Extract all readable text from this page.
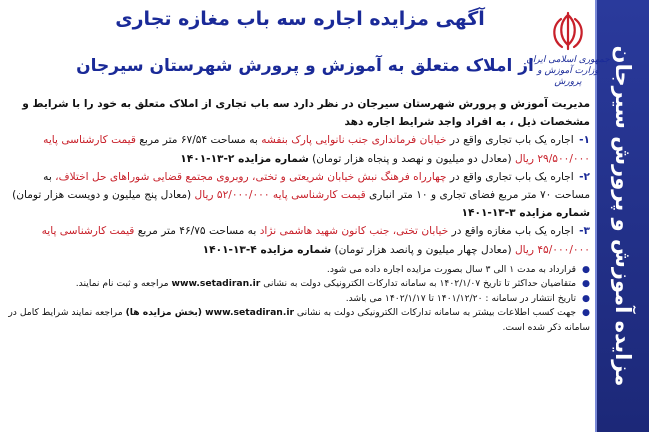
مزایده آموزش و پرورش سیرجان
آگهی مزایده اجاره سه باب مغازه تجاری
از املاک متعلق به آموزش و پرورش شهرستان سیرجان
جمهوری اسلامی ایران
وزارت آموزش و پرورش

مدیریت آموزش و پرورش شهرستان سیرجان در نظر دارد سه باب تجاری از املاک متعلق به خود را با شرایط و مشخصات ذیل ، به افراد واجد شرایط اجاره دهد

۱- اجاره یک باب تجاری واقع در خیابان فرمانداری جنب نانوایی پارک بنفشه به مساحت ۶۷/۵۴ متر مربع قیمت کارشناسی پایه ۲۹/۵۰۰/۰۰۰ ریال (معادل دو میلیون و نهصد و پنجاه هزار تومان) شماره مزایده ۲-۱۳-۱۴۰۱

۲- اجاره یک باب تجاری واقع در چهارراه فرهنگ نبش خیابان شریعتی و تختی، روبروی مجتمع قضایی شوراهای حل اختلاف، به مساحت ۷۰ متر مربع فضای تجاری و ۱۰ متر انباری قیمت کارشناسی پایه ۵۲/۰۰۰/۰۰۰ ریال (معادل پنج میلیون و دویست هزار تومان) شماره مزایده ۳-۱۳-۱۴۰۱

۳- اجاره یک باب مغازه واقع در خیابان تختی، جنب کانون شهید هاشمی نژاد به مساحت ۴۶/۷۵ متر مربع قیمت کارشناسی پایه ۴۵/۰۰۰/۰۰۰ ریال (معادل چهار میلیون و پانصد هزار تومان) شماره مزایده ۴-۱۳-۱۴۰۱

● قرارداد به مدت ۱ الی ۳ سال بصورت مزایده اجاره داده می شود.

● متقاضیان حداکثر تا تاریخ ۱۴۰۲/۱/۰۷ به سامانه تدارکات الکترونیکی دولت به نشانی www.setadiran.ir مراجعه و ثبت نام نمایند.

● تاریخ انتشار در سامانه : ۱۴۰۱/۱۲/۲۰ تا ۱۴۰۲/۱/۱۷ می باشد.

● جهت کسب اطلاعات بیشتر به سامانه تدارکات الکترونیکی دولت به نشانی www.setadiran.ir (بخش مزایده ها) مراجعه نمایند شرایط کامل در سامانه ذکر شده است.
